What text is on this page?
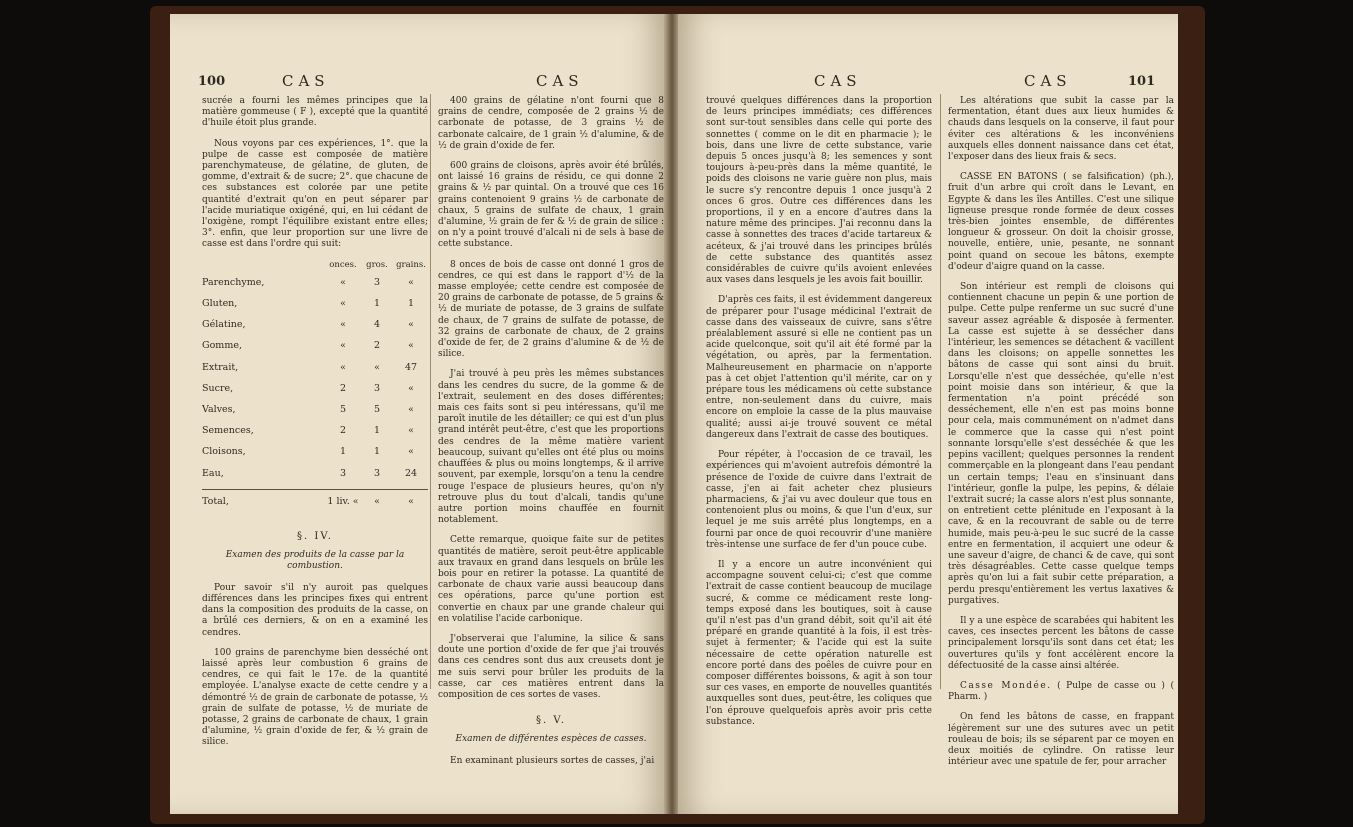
100	CAS	CAS

sucrée a fourni les mêmes principes que la matière gommeuse ( F ), excepté que la quantité d'huile étoit plus grande.

Nous voyons par ces expériences, 1°. que la pulpe de casse est composée de matière parenchymateuse, de gélatine, de gluten, de gomme, d'extrait & de sucre; 2°. que chacune de ces substances est colorée par une petite quantité d'extrait qu'on en peut séparer par l'acide muriatique oxigéné, qui, en lui cédant de l'oxigène, rompt l'équilibre existant entre elles; 3°. enfin, que leur proportion sur une livre de casse est dans l'ordre qui suit:

	onces.	gros.	grains.
Parenchyme,	«	3	«
Gluten,	«	1	1
Gélatine,	«	4	«
Gomme,	«	2	«
Extrait,	«	«	47
Sucre,	2	3	«
Valves,	5	5	«
Semences,	2	1	«
Cloisons,	1	1	«
Eau,	3	3	24
Total,	1 liv. «	«	«
§. IV.
Examen des produits de la casse par la combustion.

Pour savoir s'il n'y auroit pas quelques différences dans les principes fixes qui entrent dans la composition des produits de la casse, on a brûlé ces derniers, & on en a examiné les cendres.

100 grains de parenchyme bien desséché ont laissé après leur combustion 6 grains de cendres, ce qui fait le 17e. de la quantité employée. L'analyse exacte de cette cendre y a démontré ½ de grain de carbonate de potasse, ½ grain de sulfate de potasse, ½ de muriate de potasse, 2 grains de carbonate de chaux, 1 grain d'alumine, ½ grain d'oxide de fer, & ½ grain de silice.

400 grains de gélatine n'ont fourni que 8 grains de cendre, composée de 2 grains ½ de carbonate de potasse, de 3 grains ½ de carbonate calcaire, de 1 grain ½ d'alumine, & de ½ de grain d'oxide de fer.

600 grains de cloisons, après avoir été brûlés, ont laissé 16 grains de résidu, ce qui donne 2 grains & ½ par quintal. On a trouvé que ces 16 grains contenoient 9 grains ½ de carbonate de chaux, 5 grains de sulfate de chaux, 1 grain d'alumine, ½ grain de fer & ½ de grain de silice : on n'y a point trouvé d'alcali ni de sels à base de cette substance.

8 onces de bois de casse ont donné 1 gros de cendres, ce qui est dans le rapport d'½ de la masse employée; cette cendre est composée de 20 grains de carbonate de potasse, de 5 grains & ½ de muriate de potasse, de 3 grains de sulfate de chaux, de 7 grains de sulfate de potasse, de 32 grains de carbonate de chaux, de 2 grains d'oxide de fer, de 2 grains d'alumine & de ½ de silice.

J'ai trouvé à peu près les mêmes substances dans les cendres du sucre, de la gomme & de l'extrait, seulement en des doses différentes; mais ces faits sont si peu intéressans, qu'il me paroît inutile de les détailler; ce qui est d'un plus grand intérêt peut-être, c'est que les proportions des cendres de la même matière varient beaucoup, suivant qu'elles ont été plus ou moins chauffées & plus ou moins longtemps, & il arrive souvent, par exemple, lorsqu'on a tenu la cendre rouge l'espace de plusieurs heures, qu'on n'y retrouve plus du tout d'alcali, tandis qu'une autre portion moins chauffée en fournit notablement.

Cette remarque, quoique faite sur de petites quantités de matière, seroit peut-être applicable aux travaux en grand dans lesquels on brûle les bois pour en retirer la potasse. La quantité de carbonate de chaux varie aussi beaucoup dans ces opérations, parce qu'une portion est convertie en chaux par une grande chaleur qui en volatilise l'acide carbonique.

J'observerai que l'alumine, la silice & sans doute une portion d'oxide de fer que j'ai trouvés dans ces cendres sont dus aux creusets dont je me suis servi pour brûler les produits de la casse, car ces matières entrent dans la composition de ces sortes de vases.

§. V.
Examen de différentes espèces de casses.

En examinant plusieurs sortes de casses, j'ai

CAS	CAS	101

trouvé quelques différences dans la proportion de leurs principes immédiats; ces différences sont sur-tout sensibles dans celle qui porte des sonnettes ( comme on le dit en pharmacie ); le bois, dans une livre de cette substance, varie depuis 5 onces jusqu'à 8; les semences y sont toujours à-peu-près dans la même quantité, le poids des cloisons ne varie guère non plus, mais le sucre s'y rencontre depuis 1 once jusqu'à 2 onces 6 gros. Outre ces différences dans les proportions, il y en a encore d'autres dans la nature même des principes. J'ai reconnu dans la casse à sonnettes des traces d'acide tartareux & acéteux, & j'ai trouvé dans les principes brûlés de cette substance des quantités assez considérables de cuivre qu'ils avoient enlevées aux vases dans lesquels je les avois fait bouillir.

D'après ces faits, il est évidemment dangereux de préparer pour l'usage médicinal l'extrait de casse dans des vaisseaux de cuivre, sans s'être préalablement assuré si elle ne contient pas un acide quelconque, soit qu'il ait été formé par la végétation, ou après, par la fermentation. Malheureusement en pharmacie on n'apporte pas à cet objet l'attention qu'il mérite, car on y prépare tous les médicamens où cette substance entre, non-seulement dans du cuivre, mais encore on emploie la casse de la plus mauvaise qualité; aussi ai-je trouvé souvent ce métal dangereux dans l'extrait de casse des boutiques.

Pour répéter, à l'occasion de ce travail, les expériences qui m'avoient autrefois démontré la présence de l'oxide de cuivre dans l'extrait de casse, j'en ai fait acheter chez plusieurs pharmaciens, & j'ai vu avec douleur que tous en contenoient plus ou moins, & que l'un d'eux, sur lequel je me suis arrêté plus longtemps, en a fourni par once de quoi recouvrir d'une manière très-intense une surface de fer d'un pouce cube.

Il y a encore un autre inconvénient qui accompagne souvent celui-ci; c'est que comme l'extrait de casse contient beaucoup de mucilage sucré, & comme ce médicament reste long-temps exposé dans les boutiques, soit à cause qu'il n'est pas d'un grand débit, soit qu'il ait été préparé en grande quantité à la fois, il est très-sujet à fermenter; & l'acide qui est la suite nécessaire de cette opération naturelle est encore porté dans des poêles de cuivre pour en composer différentes boissons, & agit à son tour sur ces vases, en emporte de nouvelles quantités auxquelles sont dues, peut-être, les coliques que l'on éprouve quelquefois après avoir pris cette substance.

Les altérations que subit la casse par la fermentation, étant dues aux lieux humides & chauds dans lesquels on la conserve, il faut pour éviter ces altérations & les inconvéniens auxquels elles donnent naissance dans cet état, l'exposer dans des lieux frais & secs.

CASSE EN BATONS ( se falsification) (ph.), fruit d'un arbre qui croît dans le Levant, en Egypte & dans les îles Antilles. C'est une silique ligneuse presque ronde formée de deux cosses très-bien jointes ensemble, de différentes longueur & grosseur. On doit la choisir grosse, nouvelle, entière, unie, pesante, ne sonnant point quand on secoue les bâtons, exempte d'odeur d'aigre quand on la casse.

Son intérieur est rempli de cloisons qui contiennent chacune un pepin & une portion de pulpe. Cette pulpe renferme un suc sucré d'une saveur assez agréable & disposée à fermenter. La casse est sujette à se dessécher dans l'intérieur, les semences se détachent & vacillent dans les cloisons; on appelle sonnettes les bâtons de casse qui sont ainsi du bruit. Lorsqu'elle n'est que desséchée, qu'elle n'est point moisie dans son intérieur, & que la fermentation n'a point précédé son desséchement, elle n'en est pas moins bonne pour cela, mais communément on n'admet dans le commerce que la casse qui n'est point sonnante lorsqu'elle s'est desséchée & que les pepins vacillent; quelques personnes la rendent commerçable en la plongeant dans l'eau pendant un certain temps; l'eau en s'insinuant dans l'intérieur, gonfle la pulpe, les pepins, & délaie l'extrait sucré; la casse alors n'est plus sonnante, on entretient cette plénitude en l'exposant à la cave, & en la recouvrant de sable ou de terre humide, mais peu-à-peu le suc sucré de la casse entre en fermentation, il acquiert une odeur & une saveur d'aigre, de chanci & de cave, qui sont très désagréables. Cette casse quelque temps après qu'on lui a fait subir cette préparation, a perdu presqu'entièrement les vertus laxatives & purgatives.

Il y a une espèce de scarabées qui habitent les caves, ces insectes percent les bâtons de casse principalement lorsqu'ils sont dans cet état; les ouvertures qu'ils y font accélèrent encore la défectuosité de la casse ainsi altérée.

Casse Mondée. ( Pulpe de casse ou ) ( Pharm. )

On fend les bâtons de casse, en frappant légèrement sur une des sutures avec un petit rouleau de bois; ils se séparent par ce moyen en deux moitiés de cylindre. On ratisse leur intérieur avec une spatule de fer, pour arracher
